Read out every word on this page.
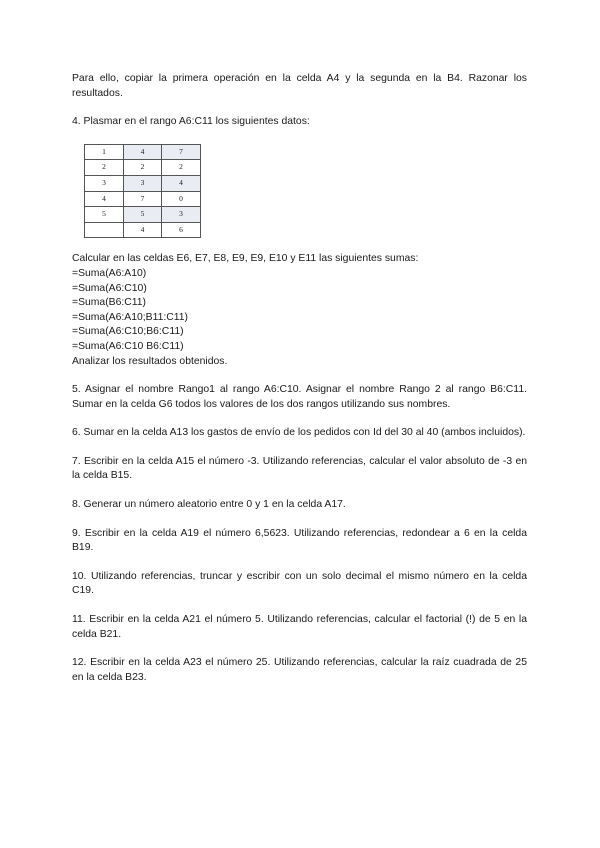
Para ello, copiar la primera operación en la celda A4 y la segunda en la B4. Razonar los resultados.

4. Plasmar en el rango A6:C11 los siguientes datos:

1	4	7
2	2	2
3	3	4
4	7	0
5	5	3
	4	6
Calcular en las celdas E6, E7, E8, E9, E9, E10 y E11 las siguientes sumas:
=Suma(A6:A10)
=Suma(A6:C10)
=Suma(B6:C11)
=Suma(A6:A10;B11:C11)
=Suma(A6:C10;B6:C11)
=Suma(A6:C10 B6:C11)
Analizar los resultados obtenidos.

5. Asignar el nombre Rango1 al rango A6:C10. Asignar el nombre Rango 2 al rango B6:C11. Sumar en la celda G6 todos los valores de los dos rangos utilizando sus nombres.

6. Sumar en la celda A13 los gastos de envío de los pedidos con Id del 30 al 40 (ambos incluidos).

7. Escribir en la celda A15 el número -3. Utilizando referencias, calcular el valor absoluto de -3 en la celda B15.

8. Generar un número aleatorio entre 0 y 1 en la celda A17.

9. Escribir en la celda A19 el número 6,5623. Utilizando referencias, redondear a 6 en la celda B19.

10. Utilizando referencias, truncar y escribir con un solo decimal el mismo número en la celda C19.

11. Escribir en la celda A21 el número 5. Utilizando referencias, calcular el factorial (!) de 5 en la celda B21.

12. Escribir en la celda A23 el número 25. Utilizando referencias, calcular la raíz cuadrada de 25 en la celda B23.
